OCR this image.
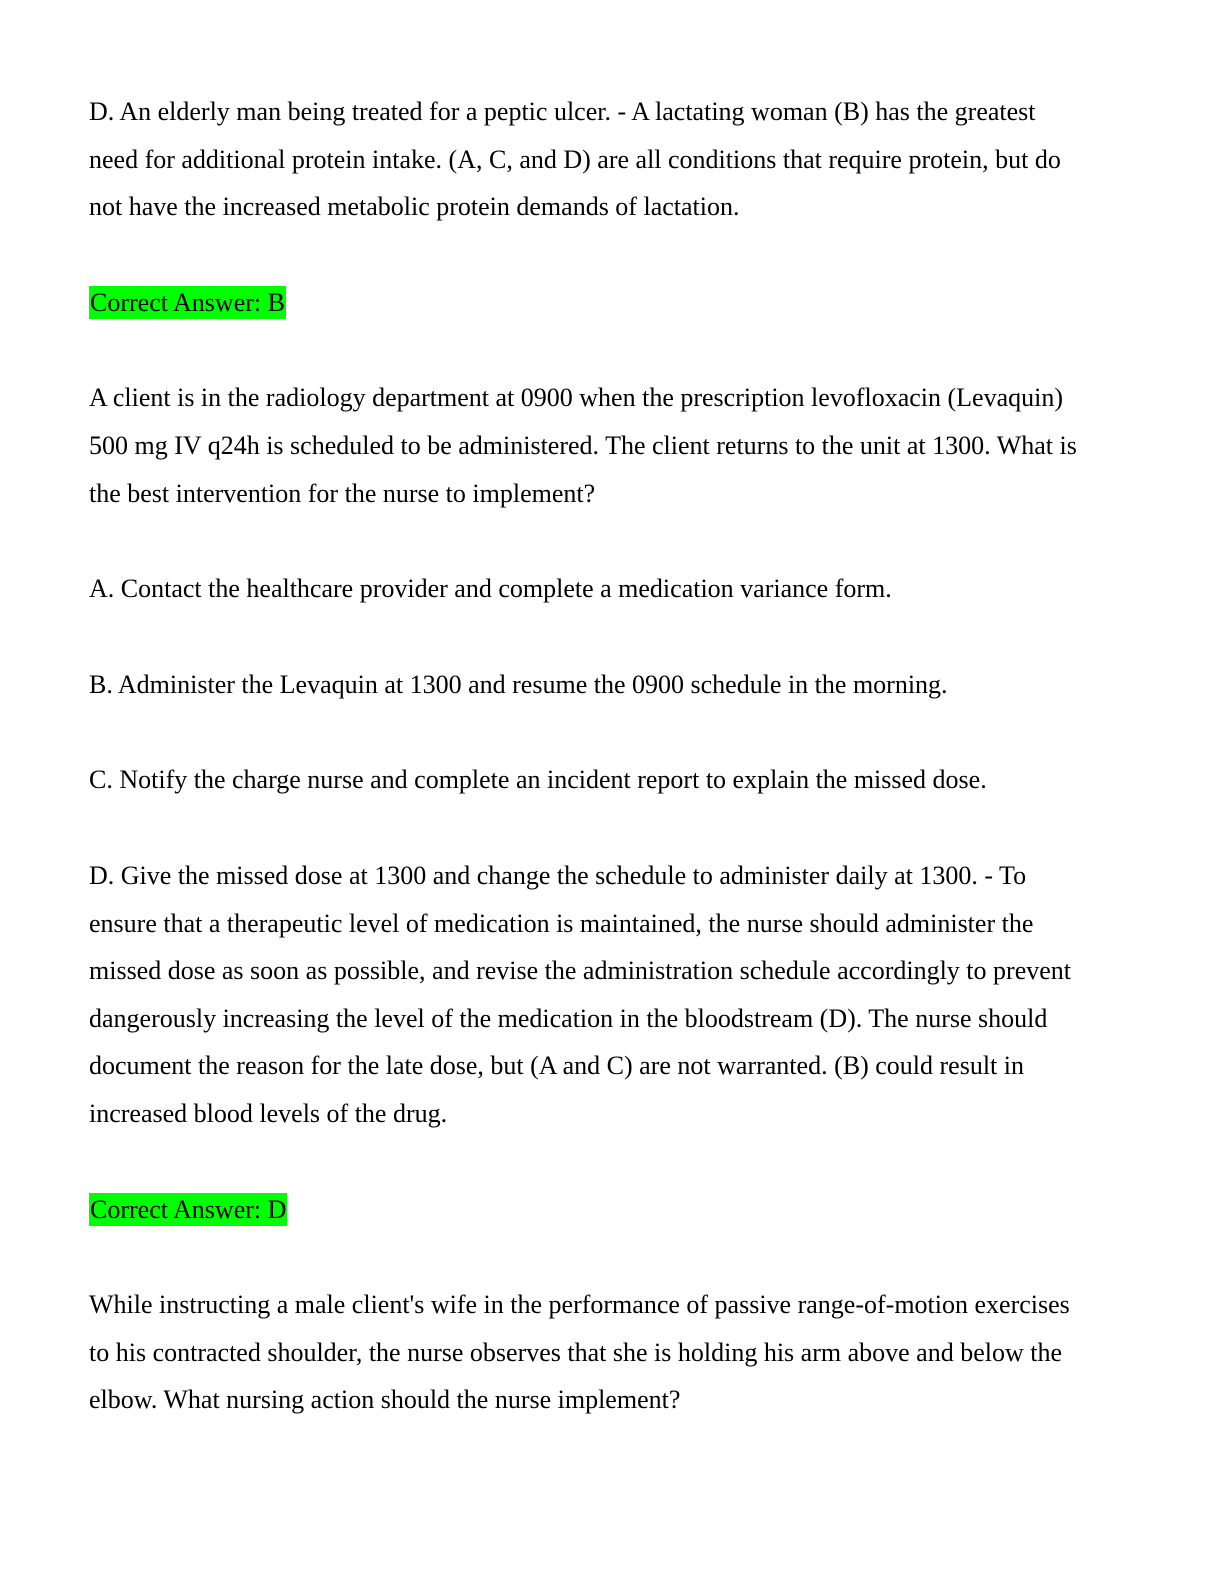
D. An elderly man being treated for a peptic ulcer. - A lactating woman (B) has the greatest need for additional protein intake. (A, C, and D) are all conditions that require protein, but do not have the increased metabolic protein demands of lactation.

Correct Answer: B

A client is in the radiology department at 0900 when the prescription levofloxacin (Levaquin) 500 mg IV q24h is scheduled to be administered. The client returns to the unit at 1300. What is the best intervention for the nurse to implement?

A. Contact the healthcare provider and complete a medication variance form.

B. Administer the Levaquin at 1300 and resume the 0900 schedule in the morning.

C. Notify the charge nurse and complete an incident report to explain the missed dose.

D. Give the missed dose at 1300 and change the schedule to administer daily at 1300. - To ensure that a therapeutic level of medication is maintained, the nurse should administer the missed dose as soon as possible, and revise the administration schedule accordingly to prevent dangerously increasing the level of the medication in the bloodstream (D). The nurse should document the reason for the late dose, but (A and C) are not warranted. (B) could result in increased blood levels of the drug.

Correct Answer: D

While instructing a male client's wife in the performance of passive range-of-motion exercises to his contracted shoulder, the nurse observes that she is holding his arm above and below the elbow. What nursing action should the nurse implement?
